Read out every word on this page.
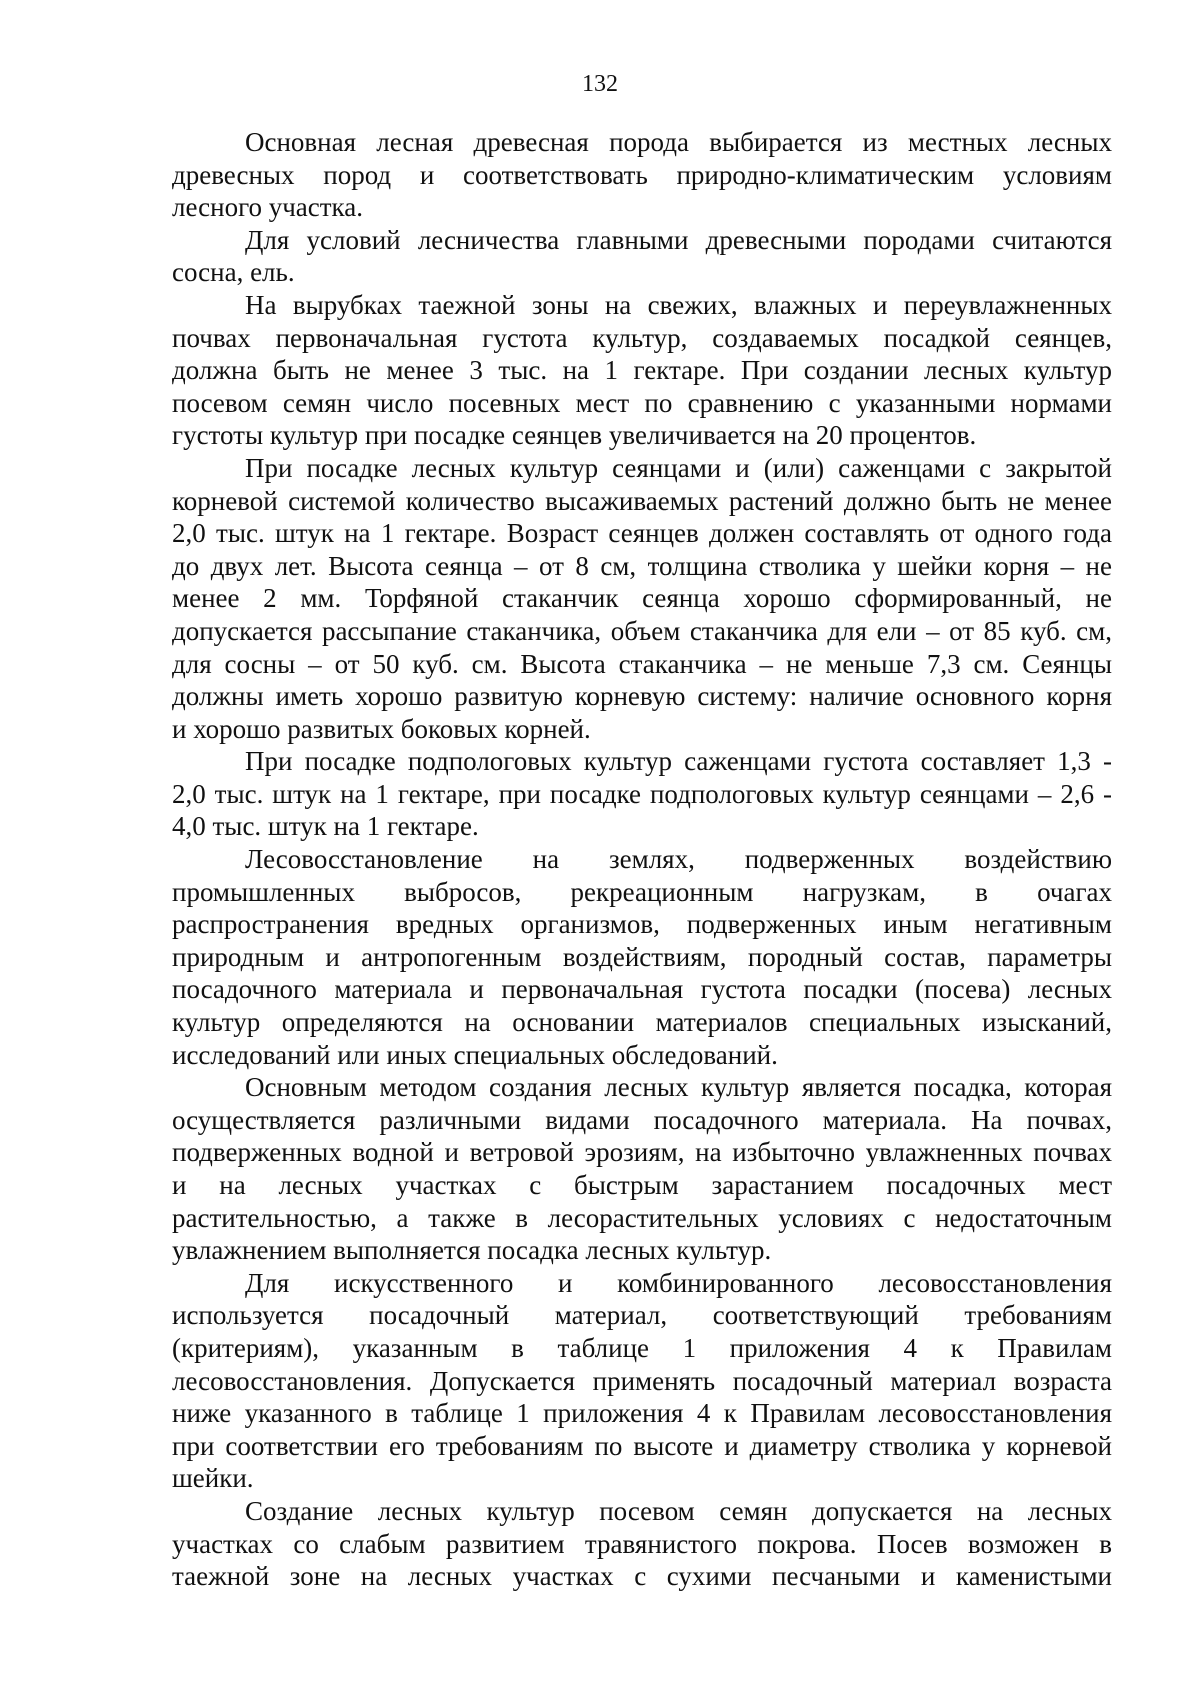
132
Основная лесная древесная порода выбирается из местных лесных
древесных пород и соответствовать природно-климатическим условиям
лесного участка.
Для условий лесничества главными древесными породами считаются
сосна, ель.
На вырубках таежной зоны на свежих, влажных и переувлажненных
почвах первоначальная густота культур, создаваемых посадкой сеянцев,
должна быть не менее 3 тыс. на 1 гектаре. При создании лесных культур
посевом семян число посевных мест по сравнению с указанными нормами
густоты культур при посадке сеянцев увеличивается на 20 процентов.
При посадке лесных культур сеянцами и (или) саженцами с закрытой
корневой системой количество высаживаемых растений должно быть не менее
2,0 тыс. штук на 1 гектаре. Возраст сеянцев должен составлять от одного года
до двух лет. Высота сеянца – от 8 см, толщина стволика у шейки корня – не
менее 2 мм. Торфяной стаканчик сеянца хорошо сформированный, не
допускается рассыпание стаканчика, объем стаканчика для ели – от 85 куб. см,
для сосны – от 50 куб. см. Высота стаканчика – не меньше 7,3 см. Сеянцы
должны иметь хорошо развитую корневую систему: наличие основного корня
и хорошо развитых боковых корней.
При посадке подпологовых культур саженцами густота составляет 1,3 -
2,0 тыс. штук на 1 гектаре, при посадке подпологовых культур сеянцами – 2,6 -
4,0 тыс. штук на 1 гектаре.
Лесовосстановление на землях, подверженных воздействию
промышленных выбросов, рекреационным нагрузкам, в очагах
распространения вредных организмов, подверженных иным негативным
природным и антропогенным воздействиям, породный состав, параметры
посадочного материала и первоначальная густота посадки (посева) лесных
культур определяются на основании материалов специальных изысканий,
исследований или иных специальных обследований.
Основным методом создания лесных культур является посадка, которая
осуществляется различными видами посадочного материала. На почвах,
подверженных водной и ветровой эрозиям, на избыточно увлажненных почвах
и на лесных участках с быстрым зарастанием посадочных мест
растительностью, а также в лесорастительных условиях с недостаточным
увлажнением выполняется посадка лесных культур.
Для искусственного и комбинированного лесовосстановления
используется посадочный материал, соответствующий требованиям
(критериям), указанным в таблице 1 приложения 4 к Правилам
лесовосстановления. Допускается применять посадочный материал возраста
ниже указанного в таблице 1 приложения 4 к Правилам лесовосстановления
при соответствии его требованиям по высоте и диаметру стволика у корневой
шейки.
Создание лесных культур посевом семян допускается на лесных
участках со слабым развитием травянистого покрова. Посев возможен в
таежной зоне на лесных участках с сухими песчаными и каменистыми
